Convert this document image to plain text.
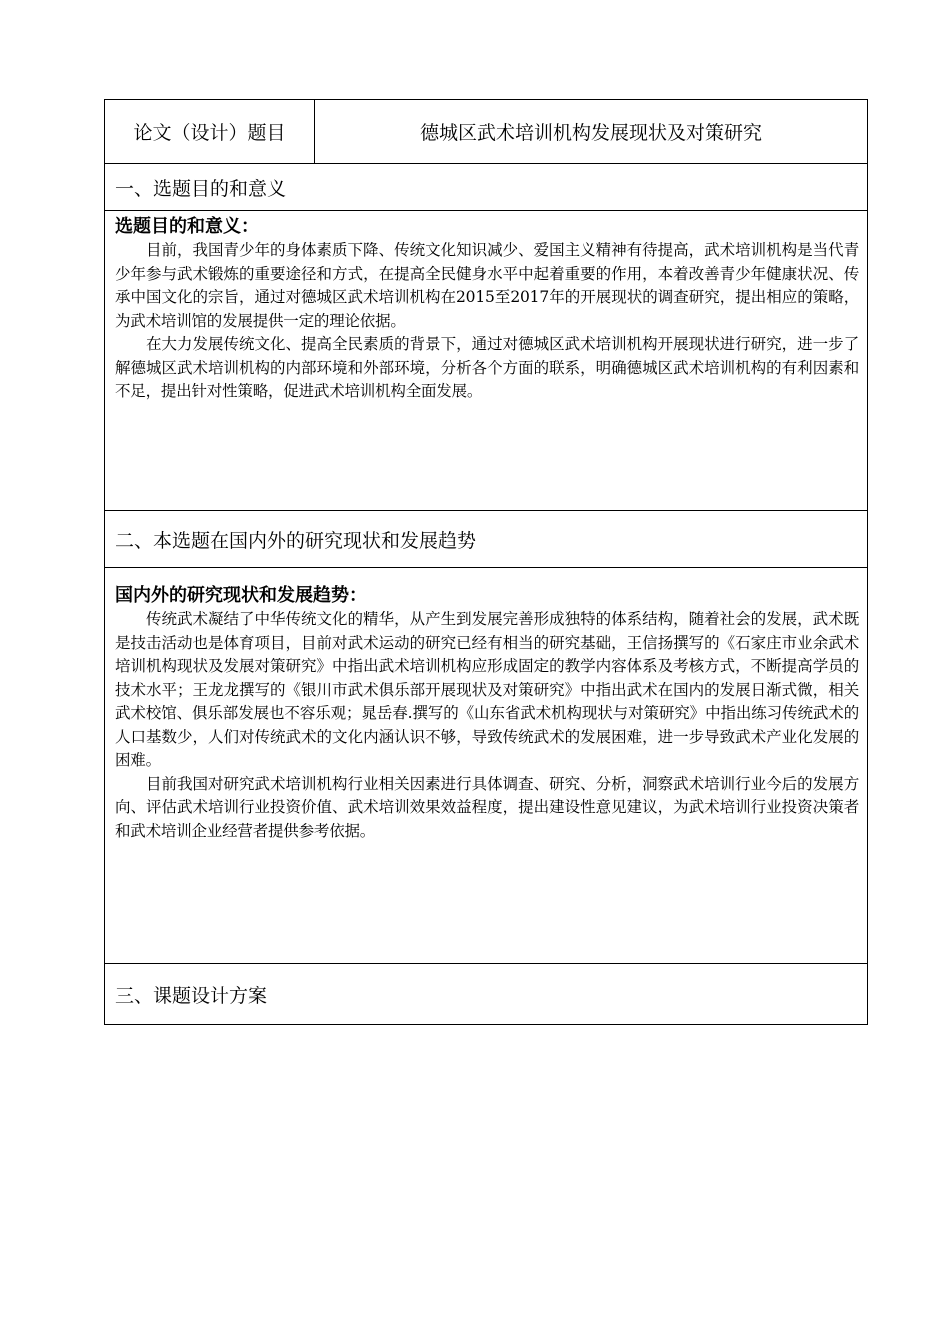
论文（设计）题目	德城区武术培训机构发展现状及对策研究
一、选题目的和意义
选题目的和意义：

目前，我国青少年的身体素质下降、传统文化知识减少、爱国主义精神有待提高，武术培训机构是当代青少年参与武术锻炼的重要途径和方式，在提高全民健身水平中起着重要的作用，本着改善青少年健康状况、传承中国文化的宗旨，通过对德城区武术培训机构在2015至2017年的开展现状的调查研究，提出相应的策略，为武术培训馆的发展提供一定的理论依据。

在大力发展传统文化、提高全民素质的背景下，通过对德城区武术培训机构开展现状进行研究，进一步了解德城区武术培训机构的内部环境和外部环境，分析各个方面的联系，明确德城区武术培训机构的有利因素和不足，提出针对性策略，促进武术培训机构全面发展。

二、本选题在国内外的研究现状和发展趋势
国内外的研究现状和发展趋势：

传统武术凝结了中华传统文化的精华，从产生到发展完善形成独特的体系结构，随着社会的发展，武术既是技击活动也是体育项目，目前对武术运动的研究已经有相当的研究基础，王信扬撰写的《石家庄市业余武术培训机构现状及发展对策研究》中指出武术培训机构应形成固定的教学内容体系及考核方式，不断提高学员的技术水平；王龙龙撰写的《银川市武术俱乐部开展现状及对策研究》中指出武术在国内的发展日渐式微，相关武术校馆、俱乐部发展也不容乐观；晁岳春.撰写的《山东省武术机构现状与对策研究》中指出练习传统武术的人口基数少，人们对传统武术的文化内涵认识不够，导致传统武术的发展困难，进一步导致武术产业化发展的困难。

目前我国对研究武术培训机构行业相关因素进行具体调查、研究、分析，洞察武术培训行业今后的发展方向、评估武术培训行业投资价值、武术培训效果效益程度，提出建设性意见建议，为武术培训行业投资决策者和武术培训企业经营者提供参考依据。

三、课题设计方案
